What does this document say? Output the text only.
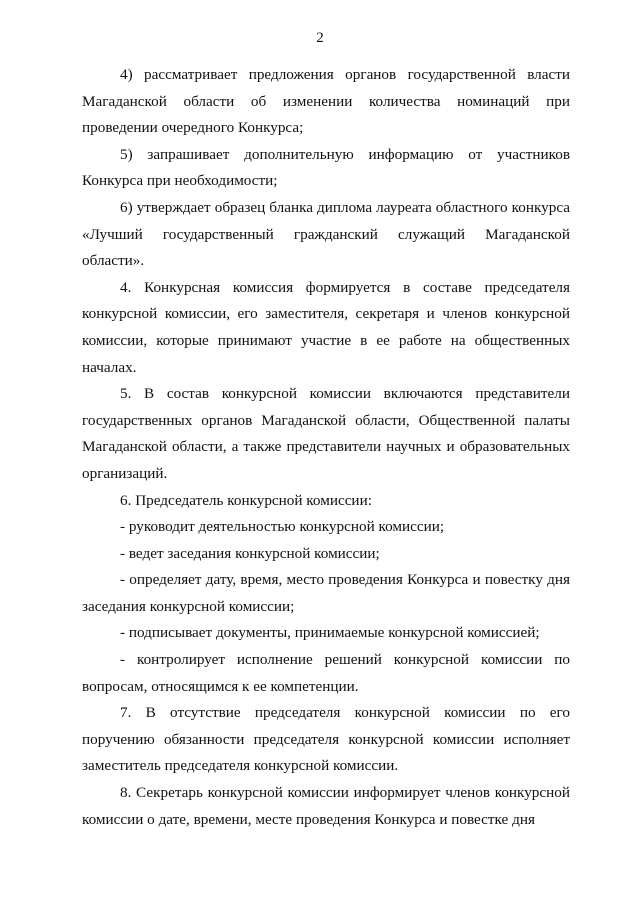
2

4) рассматривает предложения органов государственной власти Магаданской области об изменении количества номинаций при проведении очередного Конкурса;

5) запрашивает дополнительную информацию от участников Конкурса при необходимости;

6) утверждает образец бланка диплома лауреата областного конкурса «Лучший государственный гражданский служащий Магаданской области».

4. Конкурсная комиссия формируется в составе председателя конкурсной комиссии, его заместителя, секретаря и членов конкурсной комиссии, которые принимают участие в ее работе на общественных началах.

5. В состав конкурсной комиссии включаются представители государственных органов Магаданской области, Общественной палаты Магаданской области, а также представители научных и образовательных организаций.

6. Председатель конкурсной комиссии:

- руководит деятельностью конкурсной комиссии;

- ведет заседания конкурсной комиссии;

- определяет дату, время, место проведения Конкурса и повестку дня заседания конкурсной комиссии;

- подписывает документы, принимаемые конкурсной комиссией;

- контролирует исполнение решений конкурсной комиссии по вопросам, относящимся к ее компетенции.

7. В отсутствие председателя конкурсной комиссии по его поручению обязанности председателя конкурсной комиссии исполняет заместитель председателя конкурсной комиссии.

8. Секретарь конкурсной комиссии информирует членов конкурсной комиссии о дате, времени, месте проведения Конкурса и повестке дня
